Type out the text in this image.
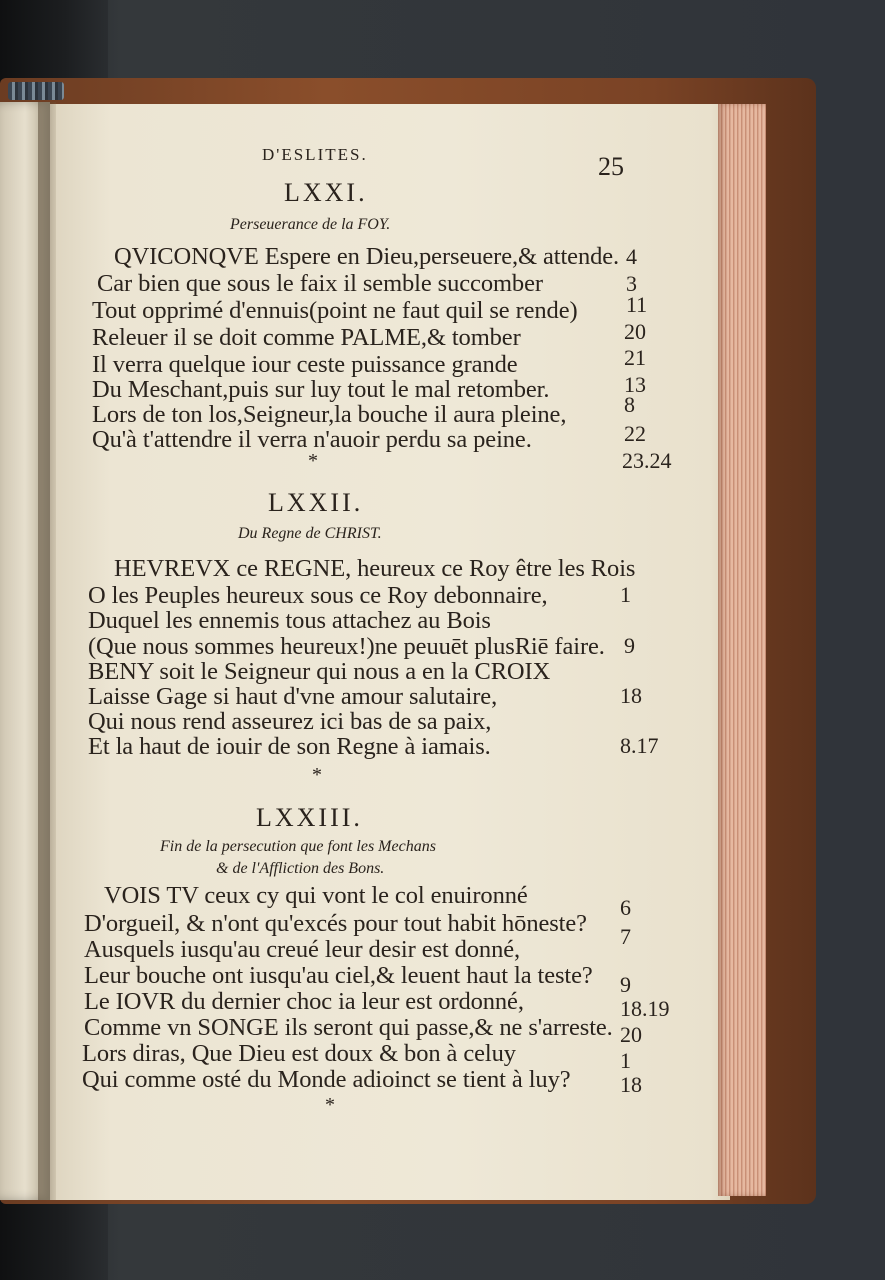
D'ESLITES.	25
LXXI.
Perseuerance de la FOY.
QVICONQVE Espere en Dieu,perseuere,& attende. 4
Car bien que sous le faix il semble succomber	3
Tout opprimé d'ennuis(point ne faut quil se rende) 11
Releuer il se doit comme PALME,& tomber	20
Il verra quelque iour ceste puissance grande	21
Du Meschant,puis sur luy tout le mal retomber.	13
Lors de ton los,Seigneur,la bouche il aura pleine,	8
Qu'à t'attendre il verra n'auoir perdu sa peine.	22
*	23.24
LXXII.
Du Regne de CHRIST.
HEVREVX ce REGNE, heureux ce Roy être les Rois
O les Peuples heureux sous ce Roy debonnaire,	1
Duquel les ennemis tous attachez au Bois
(Que nous sommes heureux!)ne peuuēt plusRiē faire. 9
BENY soit le Seigneur qui nous a en la CROIX
Laisse Gage si haut d'vne amour salutaire,	18
Qui nous rend asseurez ici bas de sa paix,
Et la haut de iouir de son Regne à iamais.	8.17
*
LXXIII.
Fin de la persecution que font les Mechans
& de l'Affliction des Bons.
VOIS TV ceux cy qui vont le col enuironné	6
D'orgueil, & n'ont qu'excés pour tout habit hōneste? 7
Ausquels iusqu'au creué leur desir est donné,
Leur bouche ont iusqu'au ciel,& leuent haut la teste? 9
Le IOVR du dernier choc ia leur est ordonné,	18.19
Comme vn SONGE ils seront qui passe,& ne s'arreste. 20
Lors diras, Que Dieu est doux & bon à celuy	1
Qui comme osté du Monde adioinct se tient à luy? 18
*
